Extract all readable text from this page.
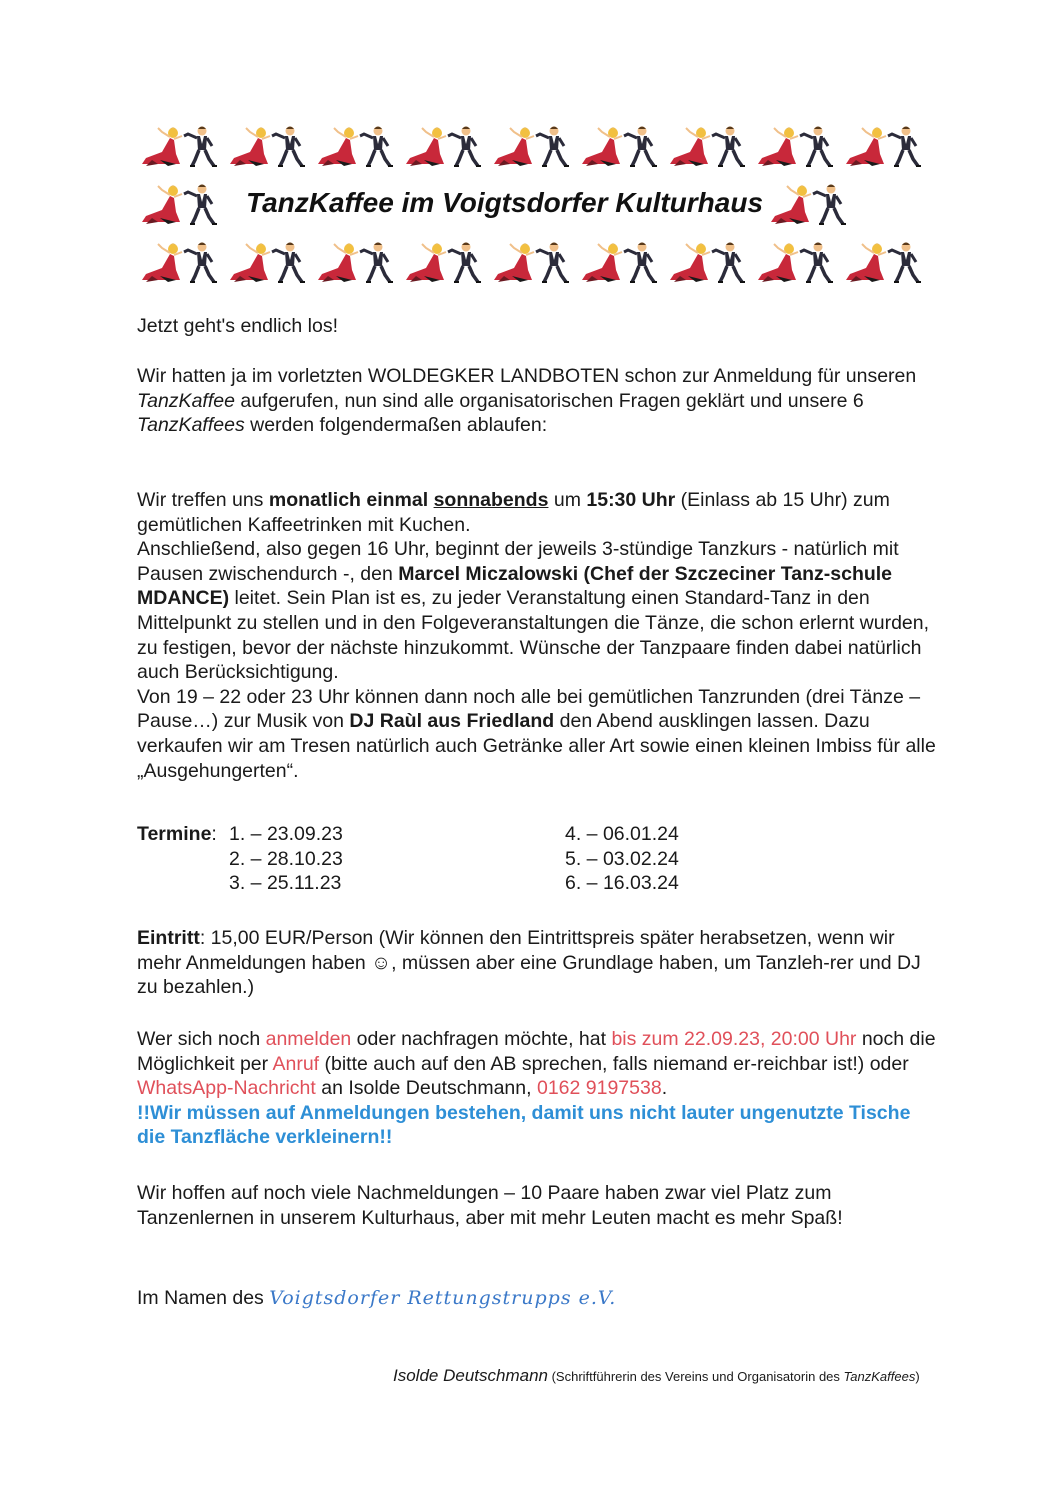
TanzKaffee im Voigtsdorfer Kulturhaus

Jetzt geht's endlich los!

Wir hatten ja im vorletzten WOLDEGKER LANDBOTEN schon zur Anmeldung für unseren TanzKaffee aufgerufen, nun sind alle organisatorischen Fragen geklärt und unsere 6 TanzKaffees werden folgendermaßen ablaufen:

Wir treffen uns monatlich einmal sonnabends um 15:30 Uhr (Einlass ab 15 Uhr) zum gemütlichen Kaffeetrinken mit Kuchen.

Anschließend, also gegen 16 Uhr, beginnt der jeweils 3-stündige Tanzkurs - natürlich mit Pausen zwischendurch -, den Marcel Miczalowski (Chef der Szczeciner Tanz-schule MDANCE) leitet. Sein Plan ist es, zu jeder Veranstaltung einen Standard-Tanz in den Mittelpunkt zu stellen und in den Folgeveranstaltungen die Tänze, die schon erlernt wurden, zu festigen, bevor der nächste hinzukommt. Wünsche der Tanzpaare finden dabei natürlich auch Berücksichtigung.

Von 19 – 22 oder 23 Uhr können dann noch alle bei gemütlichen Tanzrunden (drei Tänze – Pause…) zur Musik von DJ Raùl aus Friedland den Abend ausklingen lassen. Dazu verkaufen wir am Tresen natürlich auch Getränke aller Art sowie einen kleinen Imbiss für alle „Ausgehungerten“.

Termine: 1. – 23.09.23
2. – 28.10.23
3. – 25.11.23
4. – 06.01.24
5. – 03.02.24
6. – 16.03.24

Eintritt: 15,00 EUR/Person (Wir können den Eintrittspreis später herabsetzen, wenn wir mehr Anmeldungen haben ☺, müssen aber eine Grundlage haben, um Tanzleh-rer und DJ zu bezahlen.)

Wer sich noch anmelden oder nachfragen möchte, hat bis zum 22.09.23, 20:00 Uhr noch die Möglichkeit per Anruf (bitte auch auf den AB sprechen, falls niemand er-reichbar ist!) oder WhatsApp-Nachricht an Isolde Deutschmann, 0162 9197538.

!!Wir müssen auf Anmeldungen bestehen, damit uns nicht lauter ungenutzte Tische die Tanzfläche verkleinern!!

Wir hoffen auf noch viele Nachmeldungen – 10 Paare haben zwar viel Platz zum Tanzenlernen in unserem Kulturhaus, aber mit mehr Leuten macht es mehr Spaß!

Im Namen des Voigtsdorfer Rettungstrupps e.V.

Isolde Deutschmann (Schriftführerin des Vereins und Organisatorin des TanzKaffees)
